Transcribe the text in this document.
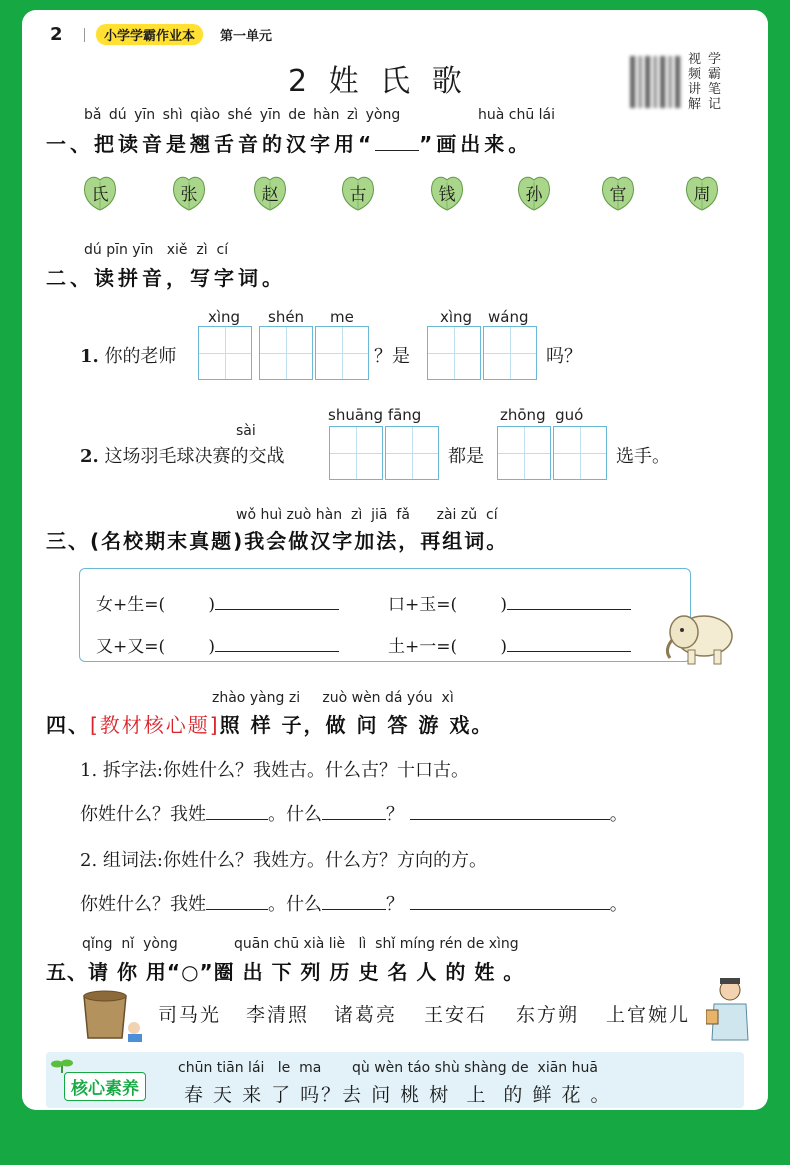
2	小学学霸作业本	第一单元
2 姓 氏 歌
视频讲解
学霸笔记
bǎ dú yīn shì qiào shé yīn de hàn zì yòng	huà chū lái
一、把读音是翘舌音的汉字用“ ”画出来。
氏	张	赵	古	钱	孙	官	周
dú pīn yīn   xiě  zì  cí
二、读拼音，写字词。
xìng shén me	xìng wáng
1. 你的老师	？是	吗？
sài
shuāng fāng	zhōng  guó
2. 这场羽毛球决赛的交战	都是	选手。
wǒ huì zuò hàn  zì  jiā  fǎ      zài zǔ  cí
三、(名校期末真题)我会做汉字加法，再组词。
女+生=(        )	口+玉=(        )
又+又=(        )	土+一=(        )
zhào yàng zi     zuò wèn dá yóu  xì
四、[教材核心题]照 样 子，做 问 答 游 戏。
1. 拆字法:你姓什么？我姓古。什么古？十口古。
你姓什么？我姓	。什么	？	。
2. 组词法:你姓什么？我姓方。什么方？方向的方。
你姓什么？我姓	。什么	？	。
qǐng  nǐ  yòng	quān chū xià liè   lì  shǐ míng rén de xìng
五、请 你 用“○”圈 出 下 列 历 史 名 人 的 姓 。
司马光 李清照 诸葛亮 王安石 东方朔 上官婉儿
核心素养
chūn tiān lái   le  ma qù wèn táo shù shàng de  xiān huā
春 天 来 了 吗？去 问 桃 树  上  的 鲜 花 。
